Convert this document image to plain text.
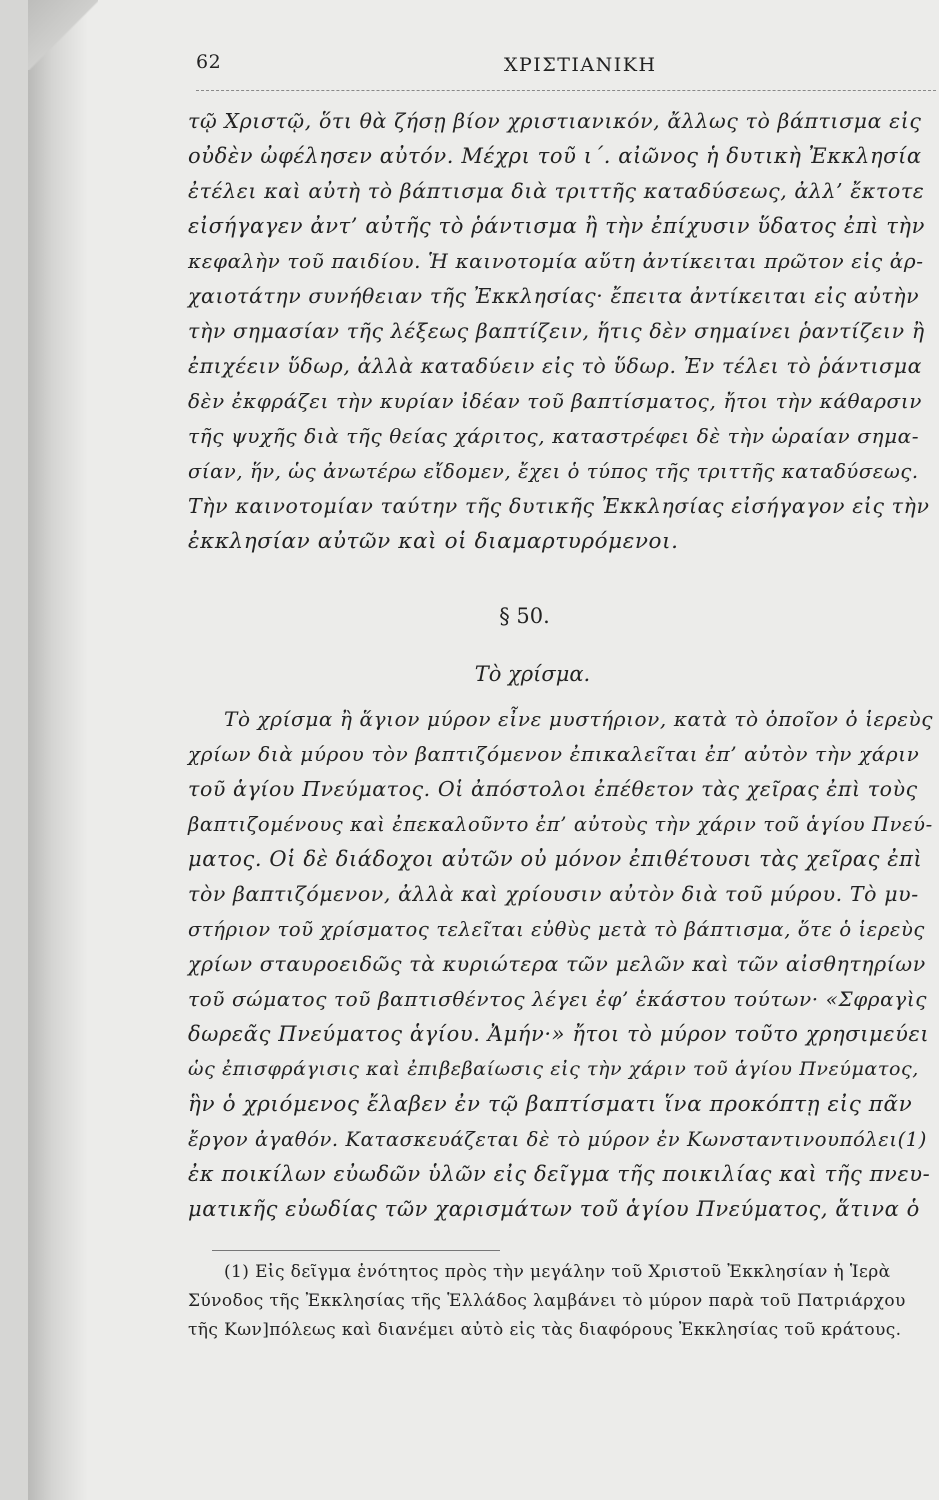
62	ΧΡΙΣΤΙΑΝΙΚΗ
τῷ Χριστῷ, ὅτι θὰ ζήσῃ βίον χριστιανικόν, ἄλλως τὸ βάπτισμα εἰς
οὐδὲν ὠφέλησεν αὐτόν. Μέχρι τοῦ ι΄. αἰῶνος ἡ δυτικὴ Ἐκκλησία
ἐτέλει καὶ αὐτὴ τὸ βάπτισμα διὰ τριττῆς καταδύσεως, ἀλλ’ ἔκτοτε
εἰσήγαγεν ἀντ’ αὐτῆς τὸ ῥάντισμα ἢ τὴν ἐπίχυσιν ὕδατος ἐπὶ τὴν
κεφαλὴν τοῦ παιδίου. Ἡ καινοτομία αὕτη ἀντίκειται πρῶτον εἰς ἀρ-
χαιοτάτην συνήθειαν τῆς Ἐκκλησίας· ἔπειτα ἀντίκειται εἰς αὐτὴν
τὴν σημασίαν τῆς λέξεως βαπτίζειν, ἥτις δὲν σημαίνει ῥαντίζειν ἢ
ἐπιχέειν ὕδωρ, ἀλλὰ καταδύειν εἰς τὸ ὕδωρ. Ἐν τέλει τὸ ῥάντισμα
δὲν ἐκφράζει τὴν κυρίαν ἰδέαν τοῦ βαπτίσματος, ἤτοι τὴν κάθαρσιν
τῆς ψυχῆς διὰ τῆς θείας χάριτος, καταστρέφει δὲ τὴν ὡραίαν σημα-
σίαν, ἥν, ὡς ἀνωτέρω εἴδομεν, ἔχει ὁ τύπος τῆς τριττῆς καταδύσεως.
Τὴν καινοτομίαν ταύτην τῆς δυτικῆς Ἐκκλησίας εἰσήγαγον εἰς τὴν
ἐκκλησίαν αὐτῶν καὶ οἱ διαμαρτυρόμενοι.
§ 50.
Τὸ χρίσμα.
Τὸ χρίσμα ἢ ἅγιον μύρον εἶνε μυστήριον, κατὰ τὸ ὁποῖον ὁ ἱερεὺς
χρίων διὰ μύρου τὸν βαπτιζόμενον ἐπικαλεῖται ἐπ’ αὐτὸν τὴν χάριν
τοῦ ἁγίου Πνεύματος. Οἱ ἀπόστολοι ἐπέθετον τὰς χεῖρας ἐπὶ τοὺς
βαπτιζομένους καὶ ἐπεκαλοῦντο ἐπ’ αὐτοὺς τὴν χάριν τοῦ ἁγίου Πνεύ-
ματος. Οἱ δὲ διάδοχοι αὐτῶν οὐ μόνον ἐπιθέτουσι τὰς χεῖρας ἐπὶ
τὸν βαπτιζόμενον, ἀλλὰ καὶ χρίουσιν αὐτὸν διὰ τοῦ μύρου. Τὸ μυ-
στήριον τοῦ χρίσματος τελεῖται εὐθὺς μετὰ τὸ βάπτισμα, ὅτε ὁ ἱερεὺς
χρίων σταυροειδῶς τὰ κυριώτερα τῶν μελῶν καὶ τῶν αἰσθητηρίων
τοῦ σώματος τοῦ βαπτισθέντος λέγει ἐφ’ ἑκάστου τούτων· «Σφραγὶς
δωρεᾶς Πνεύματος ἁγίου. Ἀμήν·» ἤτοι τὸ μύρον τοῦτο χρησιμεύει
ὡς ἐπισφράγισις καὶ ἐπιβεβαίωσις εἰς τὴν χάριν τοῦ ἁγίου Πνεύματος,
ἣν ὁ χριόμενος ἔλαβεν ἐν τῷ βαπτίσματι ἵνα προκόπτῃ εἰς πᾶν
ἔργον ἀγαθόν. Κατασκευάζεται δὲ τὸ μύρον ἐν Κωνσταντινουπόλει(1)
ἐκ ποικίλων εὐωδῶν ὑλῶν εἰς δεῖγμα τῆς ποικιλίας καὶ τῆς πνευ-
ματικῆς εὐωδίας τῶν χαρισμάτων τοῦ ἁγίου Πνεύματος, ἅτινα ὁ
(1) Εἰς δεῖγμα ἑνότητος πρὸς τὴν μεγάλην τοῦ Χριστοῦ Ἐκκλησίαν ἡ Ἱερὰ
Σύνοδος τῆς Ἐκκλησίας τῆς Ἑλλάδος λαμβάνει τὸ μύρον παρὰ τοῦ Πατριάρχου
τῆς Κων]πόλεως καὶ διανέμει αὐτὸ εἰς τὰς διαφόρους Ἐκκλησίας τοῦ κράτους.
